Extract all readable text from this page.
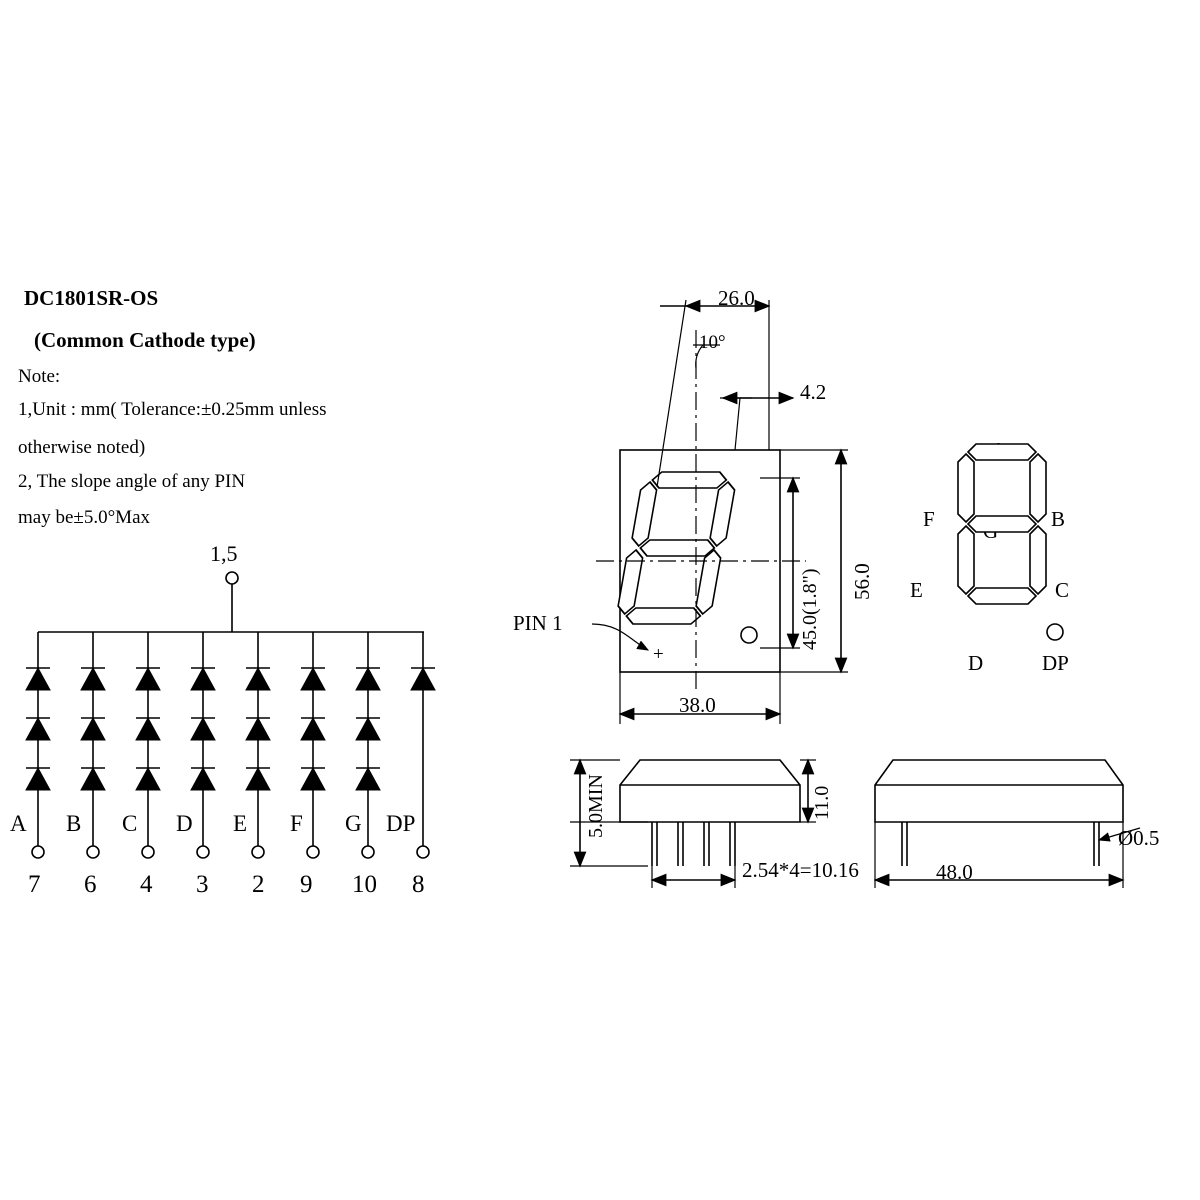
DC1801SR-OS
(Common Cathode type)
Note:
1,Unit : mm( Tolerance:±0.25mm unless
otherwise noted)
2, The slope angle of any PIN
may be±5.0°Max
1,5
A B C D E F G DP
7 6 4 3 2 9 10 8
26.0
10°
4.2
45.0(1.8") 56.0
38.0
PIN 1
+
F	B
E	C
D	DP
5.0MIN	11.0
2.54*4=10.16	48.0
Ø0.5
